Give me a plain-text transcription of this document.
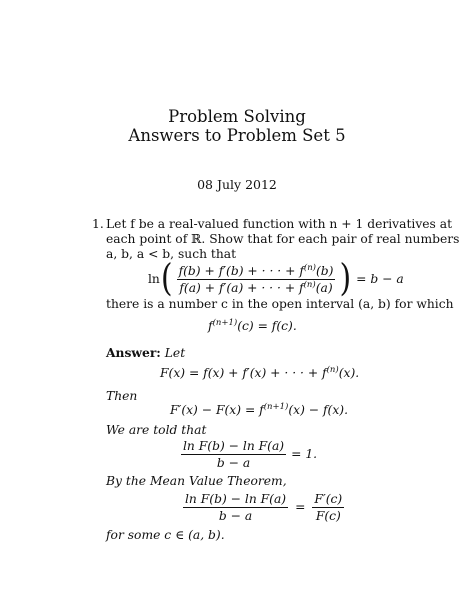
Problem Solving
Answers to Problem Set 5
08 July 2012
1. Let f be a real-valued function with n + 1 derivatives at
each point of ℝ. Show that for each pair of real numbers
a, b, a < b, such that
ln ( $\frac{f(b) + f'(b) + \cdot \cdot \cdot + f^{(n)}(b)}{f(a) + f'(a) + \cdot \cdot \cdot + f^{(n)}(a)}$ ) = b − a
there is a number c in the open interval (a, b) for which
$f^{(n+1)}(c) = f(c)$.
Answer: Let
F(x) = f(x) + f′(x) + · · · + $f^{(n)}(x)$.
Then
$F'(x) - F(x) = f^{(n+1)}(x) - f(x)$.
We are told that
$\frac{\text{ln F(b) − ln F(a)}}{b - a} = 1$.
By the Mean Value Theorem,
$\frac{\text{ln F(b) − ln F(a)}}{b - a} = \frac{F'(c)}{F(c)}$
for some c ∈ (a, b).
